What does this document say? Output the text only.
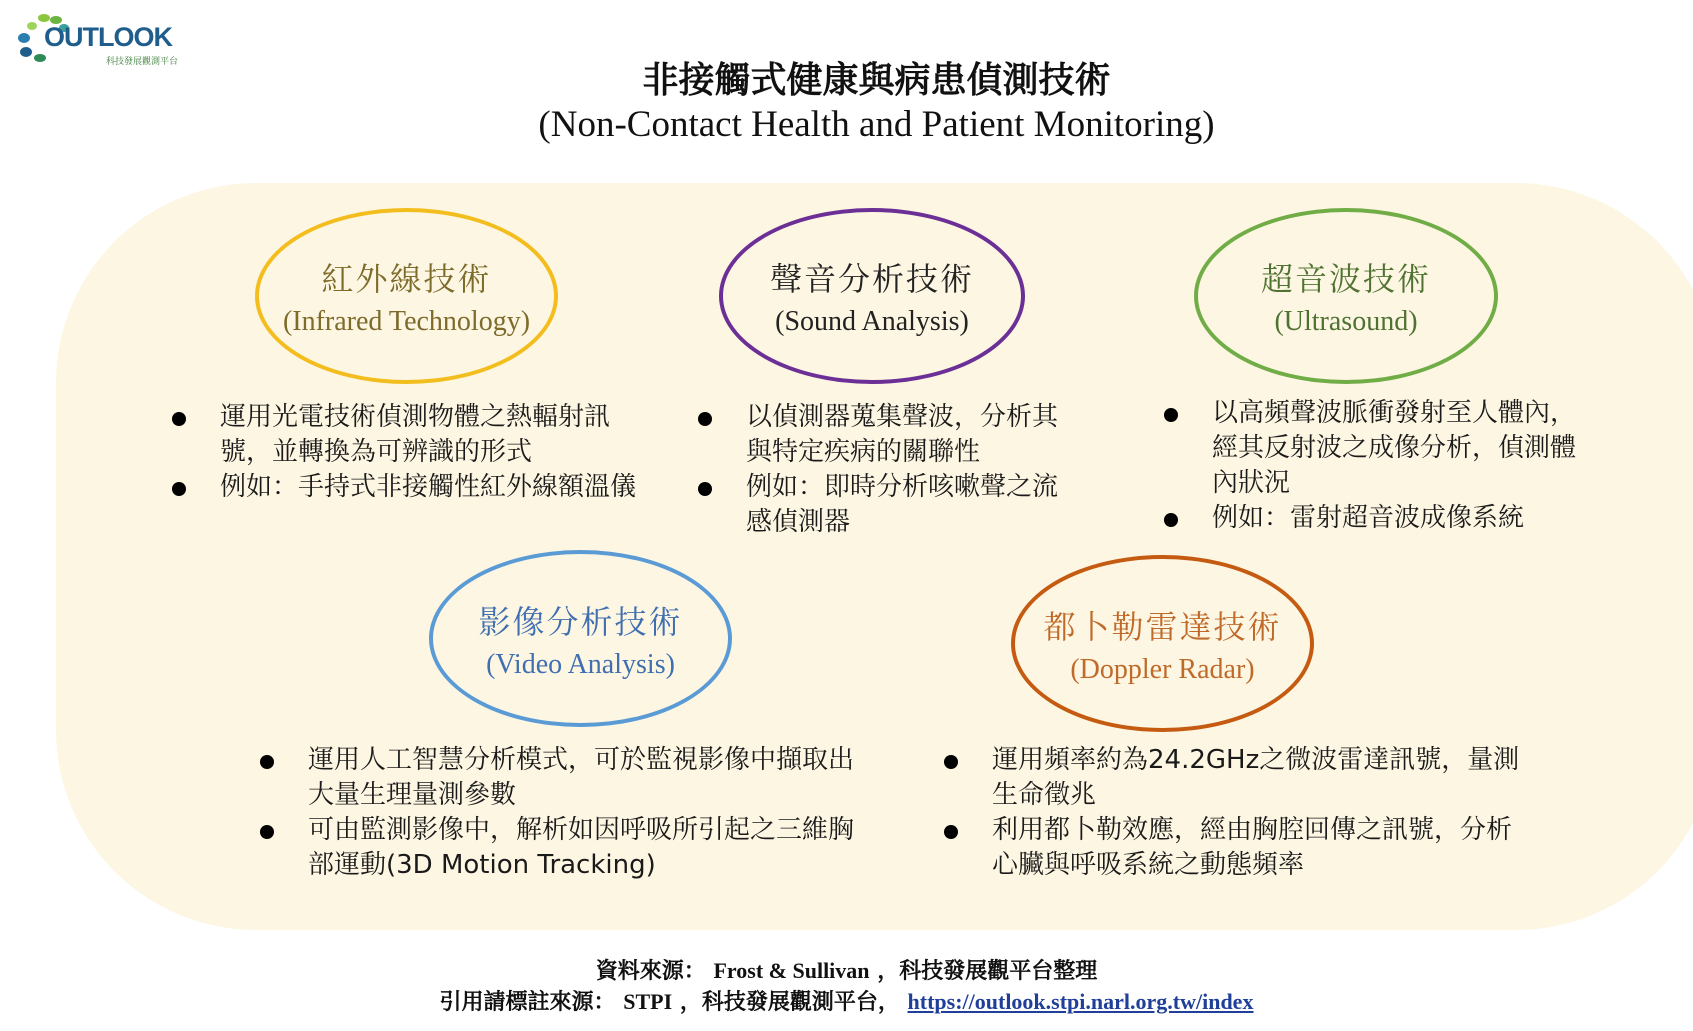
OUTLOOK
科技發展觀測平台	非接觸式健康與病患偵測技術
(Non-Contact Health and Patient Monitoring)
紅外線技術
(Infrared Technology)
運用光電技術偵測物體之熱輻射訊號，並轉換為可辨識的形式
例如：手持式非接觸性紅外線額溫儀
聲音分析技術
(Sound Analysis)
以偵測器蒐集聲波，分析其與特定疾病的關聯性
例如：即時分析咳嗽聲之流感偵測器
超音波技術
(Ultrasound)
以高頻聲波脈衝發射至人體內，經其反射波之成像分析，偵測體內狀況
例如：雷射超音波成像系統
影像分析技術
(Video Analysis)
運用人工智慧分析模式，可於監視影像中擷取出大量生理量測參數
可由監測影像中，解析如因呼吸所引起之三維胸部運動(3D Motion Tracking)
都卜勒雷達技術
(Doppler Radar)
運用頻率約為24.2GHz之微波雷達訊號，量測生命徵兆
利用都卜勒效應，經由胸腔回傳之訊號，分析心臟與呼吸系統之動態頻率
資料來源： Frost & Sullivan ，科技發展觀平台整理
引用請標註來源： STPI ，科技發展觀測平台， https://outlook.stpi.narl.org.tw/index
